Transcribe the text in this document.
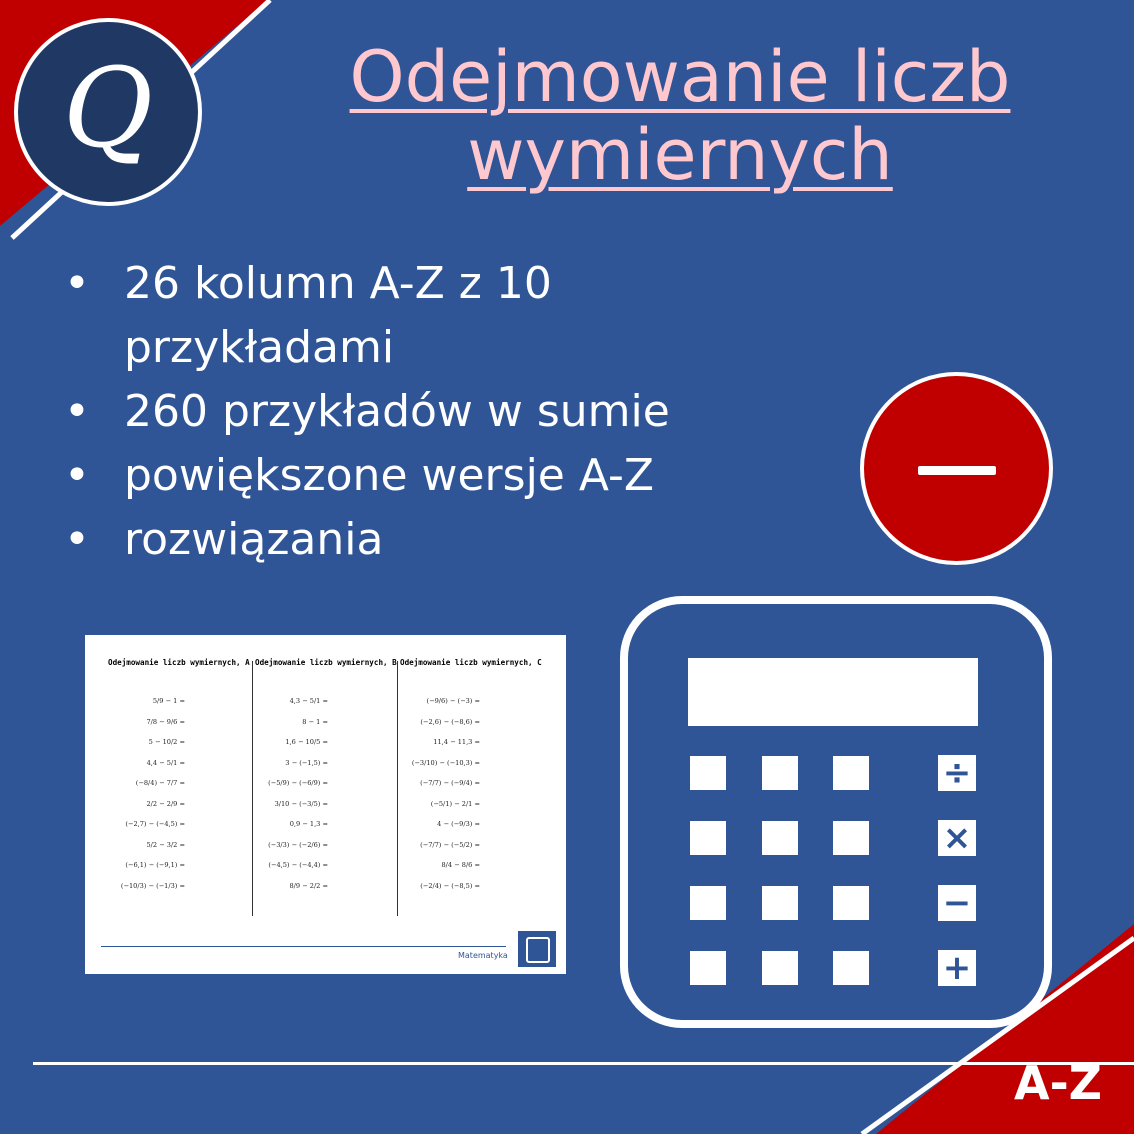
Q	Odejmowanie liczb
wymiernych
• 26 kolumn A-Z z 10
przykładami
• 260 przykładów w sumie
• powiększone wersje A-Z
• rozwiązania
÷
×
−
+
Odejmowanie liczb wymiernych, A
5/9 − 1 =
7/8 − 9/6 =
5 − 10/2 =
4,4 − 5/1 =
(−8/4) − 7/7 =
2/2 − 2/9 =
(−2,7) − (−4,5) =
5/2 − 3/2 =
(−6,1) − (−9,1) =
(−10/3) − (−1/3) =
Odejmowanie liczb wymiernych, B
4,3 − 5/1 =
8 − 1 =
1,6 − 10/5 =
3 − (−1,5) =
(−5/9) − (−6/9) =
3/10 − (−3/5) =
0,9 − 1,3 =
(−3/3) − (−2/6) =
(−4,5) − (−4,4) =
8/9 − 2/2 =
Odejmowanie liczb wymiernych, C
(−9/6) − (−3) =
(−2,6) − (−8,6) =
11,4 − 11,3 =
(−3/10) − (−10,3) =
(−7/7) − (−9/4) =
(−5/1) − 2/1 =
4 − (−9/3) =
(−7/7) − (−5/2) =
8/4 − 8/6 =
(−2/4) − (−8,5) =
Matematyka
A-Z
